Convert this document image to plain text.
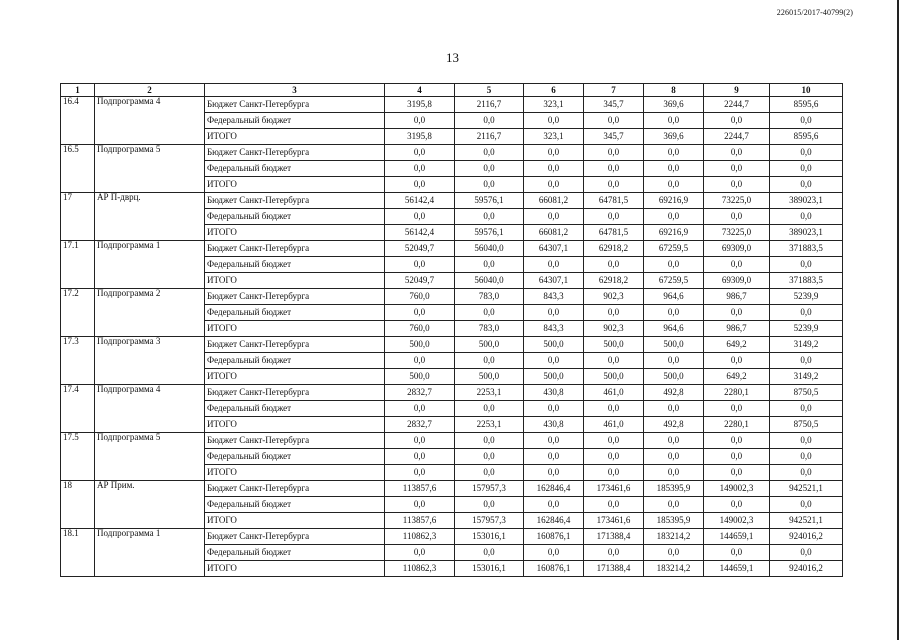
226015/2017-40799(2)
13
1	2	3	4	5	6	7	8	9	10
16.4	Подпрограмма 4	Бюджет Санкт-Петербурга	3195,8	2116,7	323,1	345,7	369,6	2244,7	8595,6
		Федеральный бюджет	0,0	0,0	0,0	0,0	0,0	0,0	0,0
		ИТОГО	3195,8	2116,7	323,1	345,7	369,6	2244,7	8595,6
16.5	Подпрограмма 5	Бюджет Санкт-Петербурга	0,0	0,0	0,0	0,0	0,0	0,0	0,0
		Федеральный бюджет	0,0	0,0	0,0	0,0	0,0	0,0	0,0
		ИТОГО	0,0	0,0	0,0	0,0	0,0	0,0	0,0
17	АР П-дврц.	Бюджет Санкт-Петербурга	56142,4	59576,1	66081,2	64781,5	69216,9	73225,0	389023,1
		Федеральный бюджет	0,0	0,0	0,0	0,0	0,0	0,0	0,0
		ИТОГО	56142,4	59576,1	66081,2	64781,5	69216,9	73225,0	389023,1
17.1	Подпрограмма 1	Бюджет Санкт-Петербурга	52049,7	56040,0	64307,1	62918,2	67259,5	69309,0	371883,5
		Федеральный бюджет	0,0	0,0	0,0	0,0	0,0	0,0	0,0
		ИТОГО	52049,7	56040,0	64307,1	62918,2	67259,5	69309,0	371883,5
17.2	Подпрограмма 2	Бюджет Санкт-Петербурга	760,0	783,0	843,3	902,3	964,6	986,7	5239,9
		Федеральный бюджет	0,0	0,0	0,0	0,0	0,0	0,0	0,0
		ИТОГО	760,0	783,0	843,3	902,3	964,6	986,7	5239,9
17.3	Подпрограмма 3	Бюджет Санкт-Петербурга	500,0	500,0	500,0	500,0	500,0	649,2	3149,2
		Федеральный бюджет	0,0	0,0	0,0	0,0	0,0	0,0	0,0
		ИТОГО	500,0	500,0	500,0	500,0	500,0	649,2	3149,2
17.4	Подпрограмма 4	Бюджет Санкт-Петербурга	2832,7	2253,1	430,8	461,0	492,8	2280,1	8750,5
		Федеральный бюджет	0,0	0,0	0,0	0,0	0,0	0,0	0,0
		ИТОГО	2832,7	2253,1	430,8	461,0	492,8	2280,1	8750,5
17.5	Подпрограмма 5	Бюджет Санкт-Петербурга	0,0	0,0	0,0	0,0	0,0	0,0	0,0
		Федеральный бюджет	0,0	0,0	0,0	0,0	0,0	0,0	0,0
		ИТОГО	0,0	0,0	0,0	0,0	0,0	0,0	0,0
18	АР Прим.	Бюджет Санкт-Петербурга	113857,6	157957,3	162846,4	173461,6	185395,9	149002,3	942521,1
		Федеральный бюджет	0,0	0,0	0,0	0,0	0,0	0,0	0,0
		ИТОГО	113857,6	157957,3	162846,4	173461,6	185395,9	149002,3	942521,1
18.1	Подпрограмма 1	Бюджет Санкт-Петербурга	110862,3	153016,1	160876,1	171388,4	183214,2	144659,1	924016,2
		Федеральный бюджет	0,0	0,0	0,0	0,0	0,0	0,0	0,0
		ИТОГО	110862,3	153016,1	160876,1	171388,4	183214,2	144659,1	924016,2
